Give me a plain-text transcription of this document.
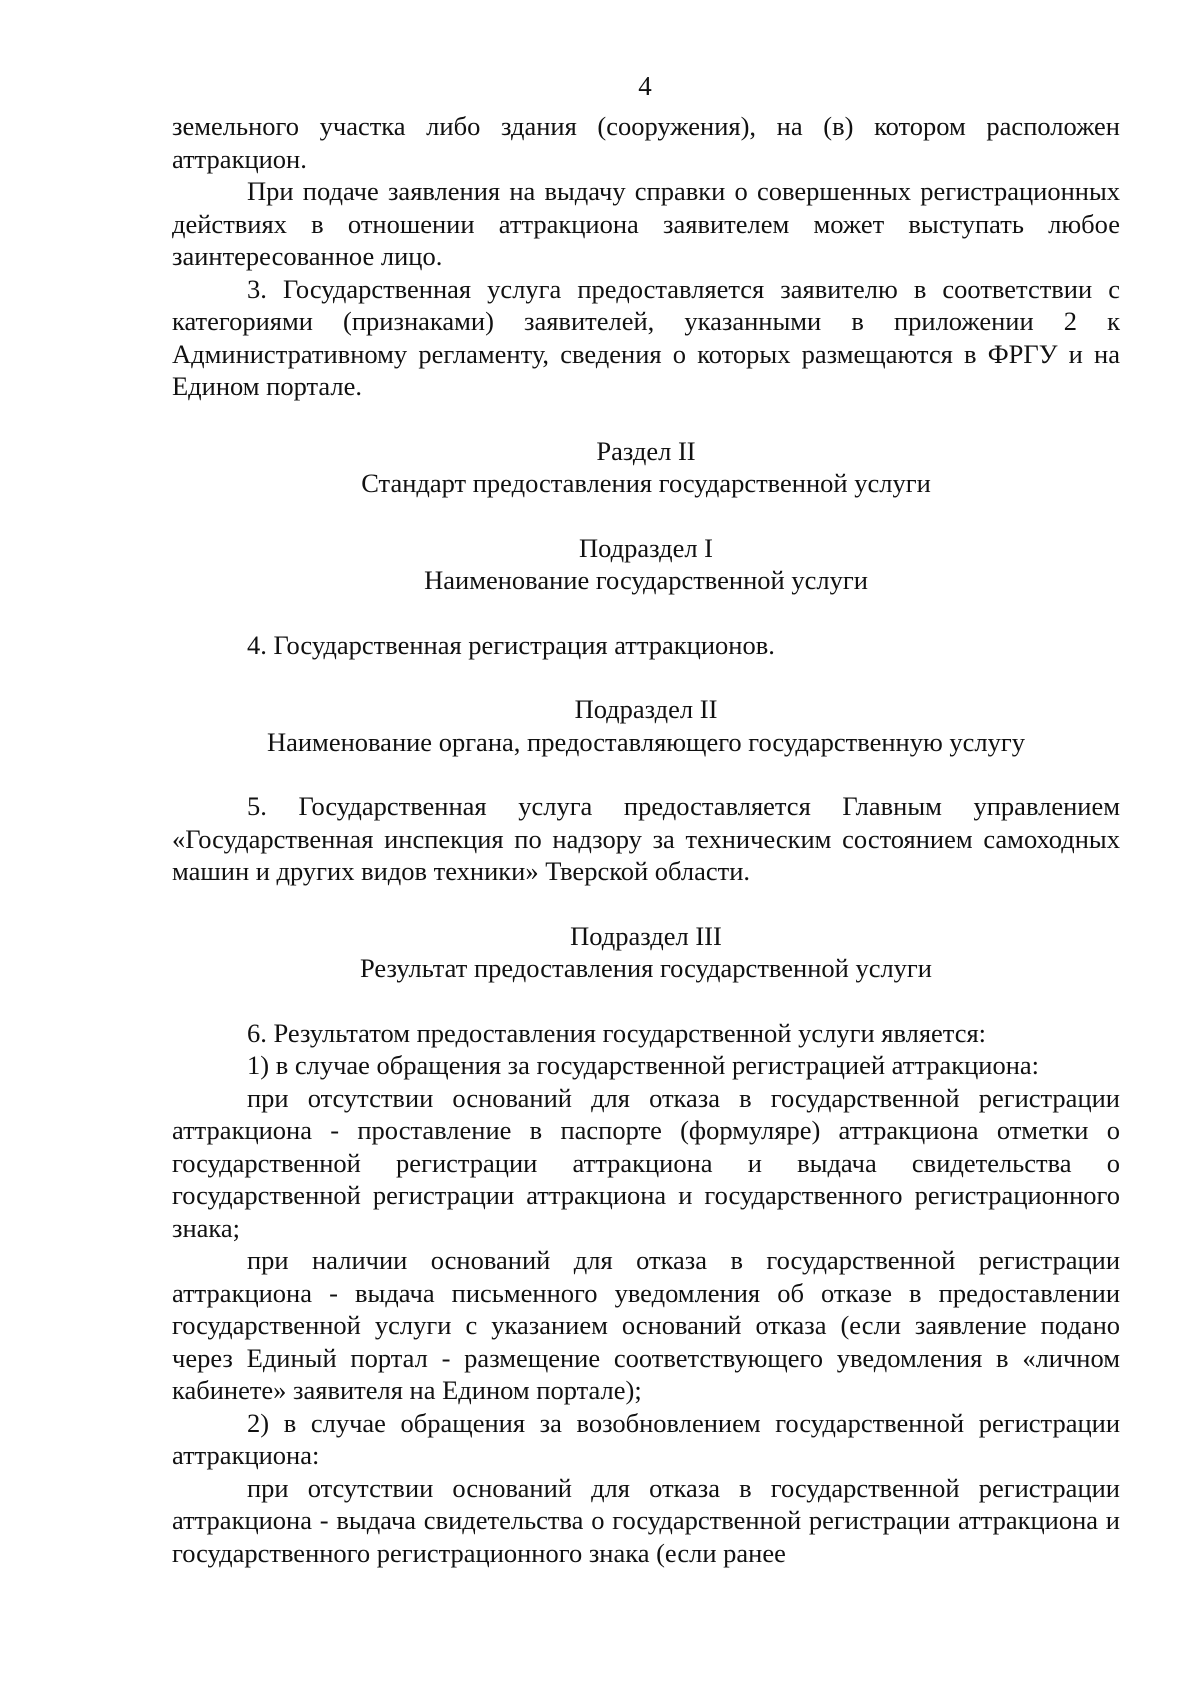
4

земельного участка либо здания (сооружения), на (в) котором расположен аттракцион.

При подаче заявления на выдачу справки о совершенных регистрационных действиях в отношении аттракциона заявителем может выступать любое заинтересованное лицо.

3. Государственная услуга предоставляется заявителю в соответствии с категориями (признаками) заявителей, указанными в приложении 2 к Административному регламенту, сведения о которых размещаются в ФРГУ и на Едином портале.

Раздел II

Стандарт предоставления государственной услуги

Подраздел I

Наименование государственной услуги

4. Государственная регистрация аттракционов.

Подраздел II

Наименование органа, предоставляющего государственную услугу

5. Государственная услуга предоставляется Главным управлением «Государственная инспекция по надзору за техническим состоянием самоходных машин и других видов техники» Тверской области.

Подраздел III

Результат предоставления государственной услуги

6. Результатом предоставления государственной услуги является:

1) в случае обращения за государственной регистрацией аттракциона:

при отсутствии оснований для отказа в государственной регистрации аттракциона - проставление в паспорте (формуляре) аттракциона отметки о государственной регистрации аттракциона и выдача свидетельства о государственной регистрации аттракциона и государственного регистрационного знака;

при наличии оснований для отказа в государственной регистрации аттракциона - выдача письменного уведомления об отказе в предоставлении государственной услуги с указанием оснований отказа (если заявление подано через Единый портал - размещение соответствующего уведомления в «личном кабинете» заявителя на Едином портале);

2) в случае обращения за возобновлением государственной регистрации аттракциона:

при отсутствии оснований для отказа в государственной регистрации аттракциона - выдача свидетельства о государственной регистрации аттракциона и государственного регистрационного знака (если ранее
